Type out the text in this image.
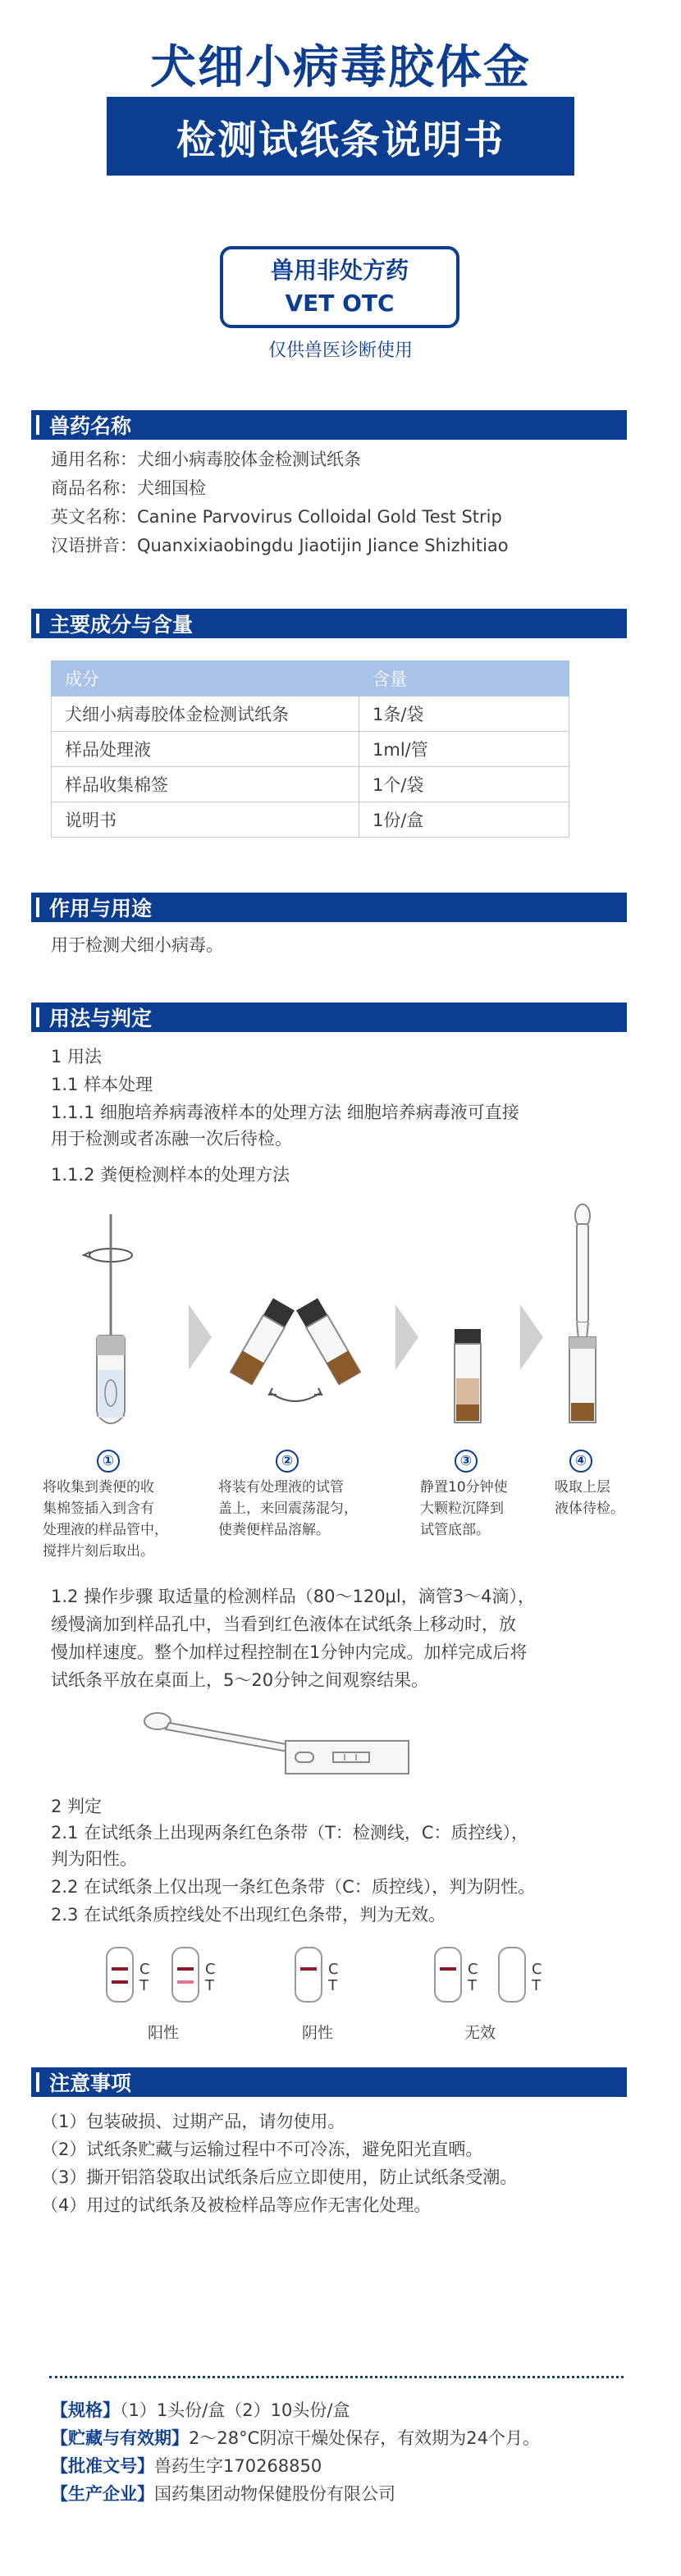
犬细小病毒胶体金
检测试纸条说明书
兽用非处方药
VET OTC
仅供兽医诊断使用
兽药名称
通用名称：犬细小病毒胶体金检测试纸条
商品名称：犬细国检
英文名称：Canine Parvovirus Colloidal Gold Test Strip
汉语拼音：Quanxixiaobingdu Jiaotijin Jiance Shizhitiao
主要成分与含量
成分	含量
犬细小病毒胶体金检测试纸条	1条/袋
样品处理液	1ml/管
样品收集棉签	1个/袋
说明书	1份/盒
作用与用途
用于检测犬细小病毒。
用法与判定
1 用法
1.1 样本处理
1.1.1 细胞培养病毒液样本的处理方法 细胞培养病毒液可直接
用于检测或者冻融一次后待检。
1.1.2 粪便检测样本的处理方法
①	②	③	④
将收集到粪便的收
集棉签插入到含有
处理液的样品管中，
搅拌片刻后取出。
将装有处理液的试管
盖上，来回震荡混匀，
使粪便样品溶解。
静置10分钟使
大颗粒沉降到
试管底部。
吸取上层
液体待检。
1.2 操作步骤 取适量的检测样品（80～120μl，滴管3～4滴），
缓慢滴加到样品孔中，当看到红色液体在试纸条上移动时，放
慢加样速度。整个加样过程控制在1分钟内完成。加样完成后将
试纸条平放在桌面上，5～20分钟之间观察结果。
2 判定
2.1 在试纸条上出现两条红色条带（T：检测线，C：质控线），
判为阳性。
2.2 在试纸条上仅出现一条红色条带（C：质控线），判为阴性。
2.3 在试纸条质控线处不出现红色条带，判为无效。
C
T
C
T
C
T
C
T
C
T
阳性	阴性	无效
注意事项
（1）包装破损、过期产品，请勿使用。
（2）试纸条贮藏与运输过程中不可冷冻，避免阳光直晒。
（3）撕开铝箔袋取出试纸条后应立即使用，防止试纸条受潮。
（4）用过的试纸条及被检样品等应作无害化处理。
【规格】（1）1头份/盒（2）10头份/盒
【贮藏与有效期】2～28°C阴凉干燥处保存，有效期为24个月。
【批准文号】兽药生字170268850
【生产企业】国药集团动物保健股份有限公司
